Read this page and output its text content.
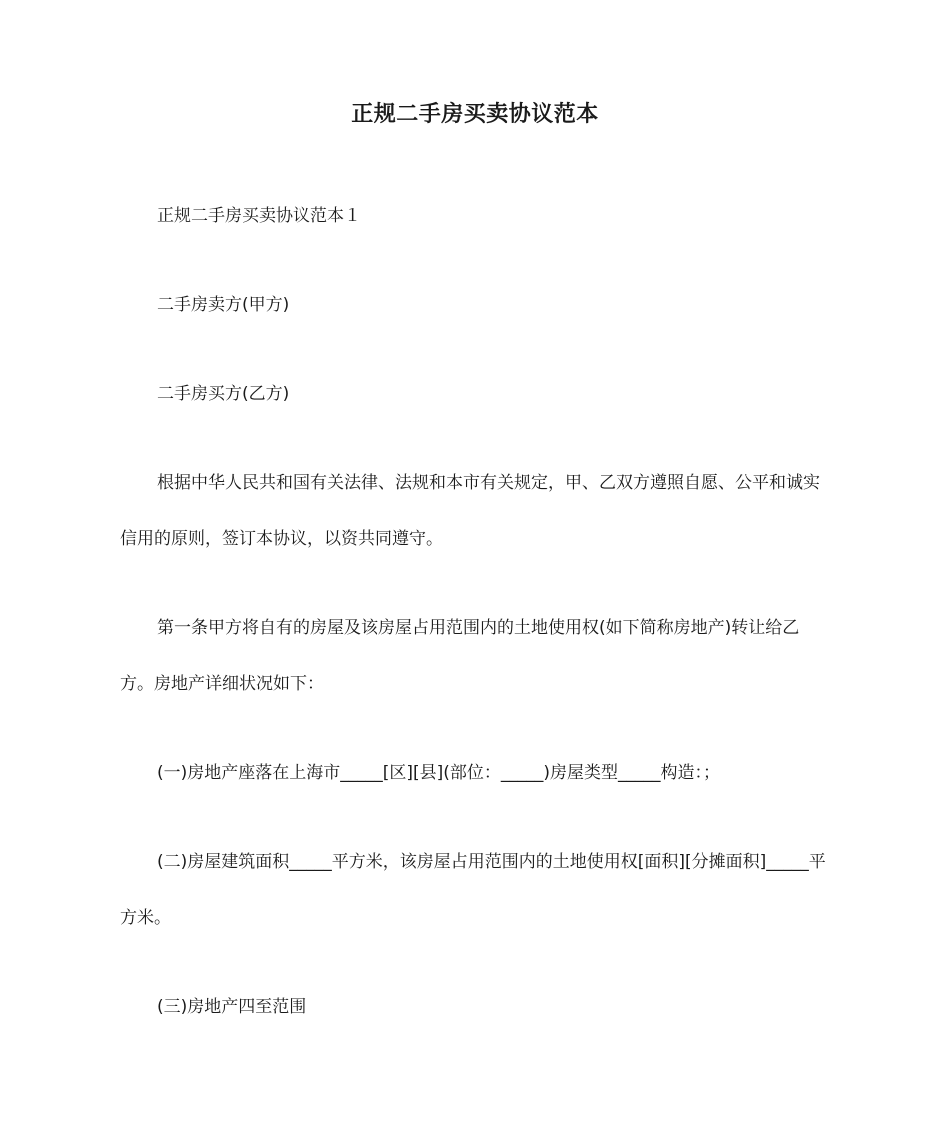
正规二手房买卖协议范本

正规二手房买卖协议范本１

二手房卖方(甲方)

二手房买方(乙方)

根据中华人民共和国有关法律、法规和本市有关规定，甲、乙双方遵照自愿、公平和诚实信用的原则，签订本协议，以资共同遵守。

第一条甲方将自有的房屋及该房屋占用范围内的土地使用权(如下简称房地产)转让给乙方。房地产详细状况如下：

(一)房地产座落在上海市_____[区][县](部位：_____)房屋类型_____构造：；

(二)房屋建筑面积_____平方米，该房屋占用范围内的土地使用权[面积][分摊面积]_____平方米。

(三)房地产四至范围
